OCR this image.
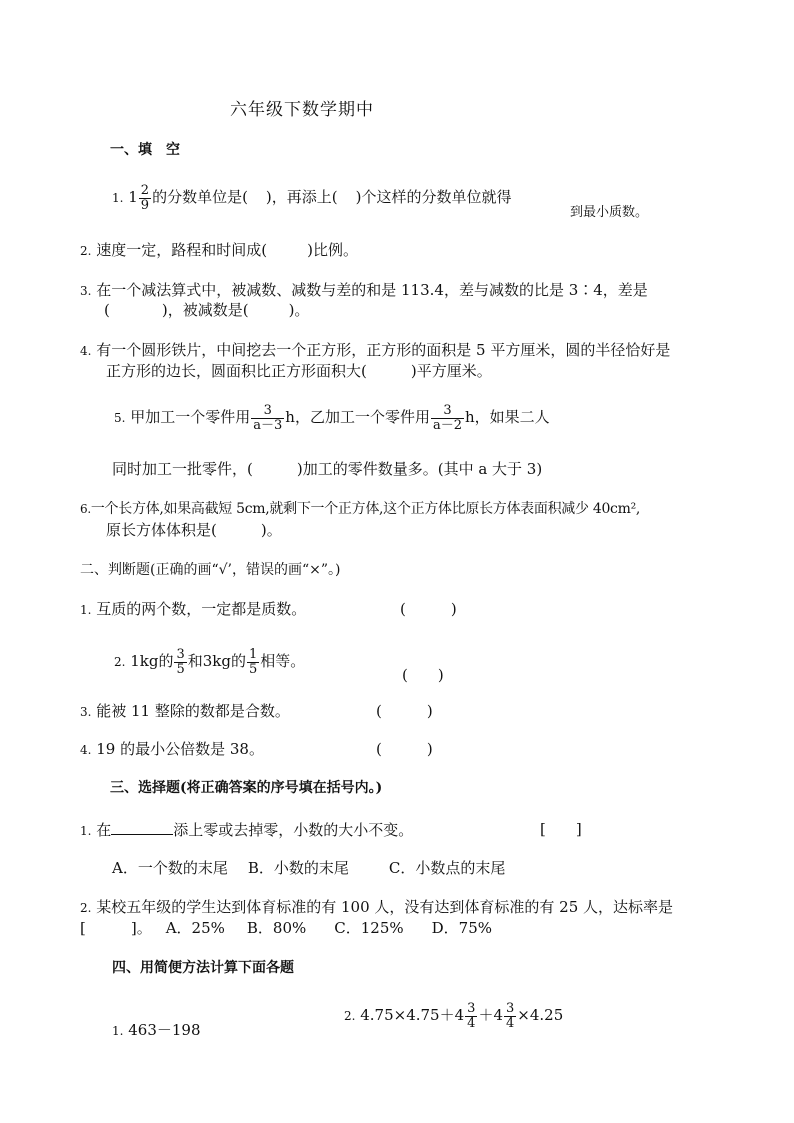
六年级下数学期中
一、填　空
1. $1 \frac{2}{9}$ 的分数单位是( )，再添上( )个这样的分数单位就得
到最小质数。
2. 速度一定，路程和时间成(	)比例。
3. 在一个减法算式中，被减数、减数与差的和是 113.4，差与减数的比是 3∶4，差是
(	)，被减数是(	)。
4. 有一个圆形铁片，中间挖去一个正方形，正方形的面积是 5 平方厘米，圆的半径恰好是
正方形的边长，圆面积比正方形面积大(	)平方厘米。
5. 甲加工一个零件用 $\frac{3}{a-3}$ h，乙加工一个零件用 $\frac{3}{a-2}$ h，如果二人
同时加工一批零件，(	)加工的零件数量多。(其中 a 大于 3)
6.一个长方体,如果高截短 5cm,就剩下一个正方体,这个正方体比原长方体表面积减少 40cm²,
原长方体体积是(	)。
二、判断题(正确的画“√’，错误的画“×”。)
1. 互质的两个数，一定都是质数。	(　　　)
2. 1kg的 $\frac{3}{5}$ 和3kg的 $\frac{1}{5}$ 相等。
(　　)
3. 能被 11 整除的数都是合数。	(　　　)
4. 19 的最小公倍数是 38。	(　　　)
三、选择题(将正确答案的序号填在括号内。)
1. 在	添上零或去掉零，小数的大小不变。	[　　]
A．一个数的末尾 B．小数的末尾	C．小数点的末尾
2. 某校五年级的学生达到体育标准的有 100 人，没有达到体育标准的有 25 人，达标率是
[　　　]。 A．25% B．80% C．125% D．75%
四、用简便方法计算下面各题
2. $4.75\times 4.75+4 \frac{3}{4} +4 \frac{3}{4} \times 4.25$
1. 463－198
